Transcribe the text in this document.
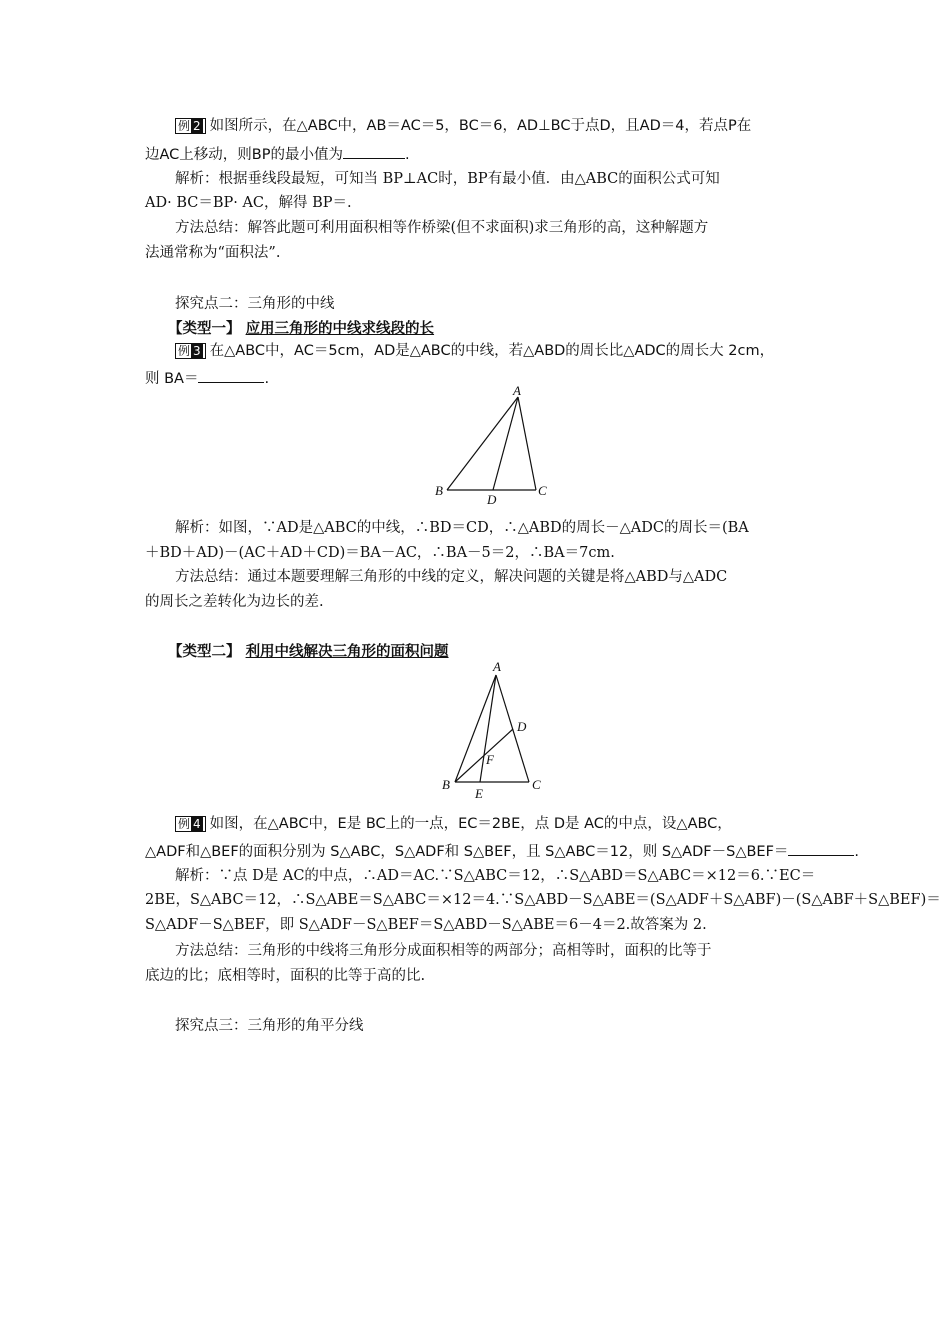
例 2 如图所示，在△ABC中，AB＝AC＝5，BC＝6，AD⊥BC于点D，且AD＝4，若点P在
边AC上移动，则BP的最小值为	.
解析：根据垂线段最短，可知当 BP⊥AC时，BP有最小值．由△ABC的面积公式可知
AD· BC＝BP· AC，解得 BP＝.
方法总结：解答此题可利用面积相等作桥梁(但不求面积)求三角形的高，这种解题方
法通常称为“面积法”.
探究点二：三角形的中线
【类型一】 应用三角形的中线求线段的长
例 3 在△ABC中，AC＝5cm，AD是△ABC的中线，若△ABD的周长比△ADC的周长大 2cm，
则 BA＝	.
A
B	C
D
解析：如图，∵AD是△ABC的中线，∴BD＝CD，∴△ABD的周长－△ADC的周长＝(BA
＋BD＋AD)－(AC＋AD＋CD)＝BA－AC，∴BA－5＝2，∴BA＝7cm.
方法总结：通过本题要理解三角形的中线的定义，解决问题的关键是将△ABD与△ADC
的周长之差转化为边长的差.
【类型二】 利用中线解决三角形的面积问题
A
B	C
D
E
F
例 4 如图，在△ABC中，E是 BC上的一点，EC＝2BE，点 D是 AC的中点，设△ABC，
△ADF和△BEF的面积分别为 S△ABC，S△ADF和 S△BEF，且 S△ABC＝12，则 S△ADF－S△BEF＝	.
解析：∵点 D是 AC的中点，∴AD＝AC.∵S△ABC＝12，∴S△ABD＝S△ABC＝×12＝6.∵EC＝
2BE，S△ABC＝12，∴S△ABE＝S△ABC＝×12＝4.∵S△ABD－S△ABE＝(S△ADF＋S△ABF)－(S△ABF＋S△BEF)＝
S△ADF－S△BEF，即 S△ADF－S△BEF＝S△ABD－S△ABE＝6－4＝2.故答案为 2.
方法总结：三角形的中线将三角形分成面积相等的两部分；高相等时，面积的比等于
底边的比；底相等时，面积的比等于高的比.
探究点三：三角形的角平分线
